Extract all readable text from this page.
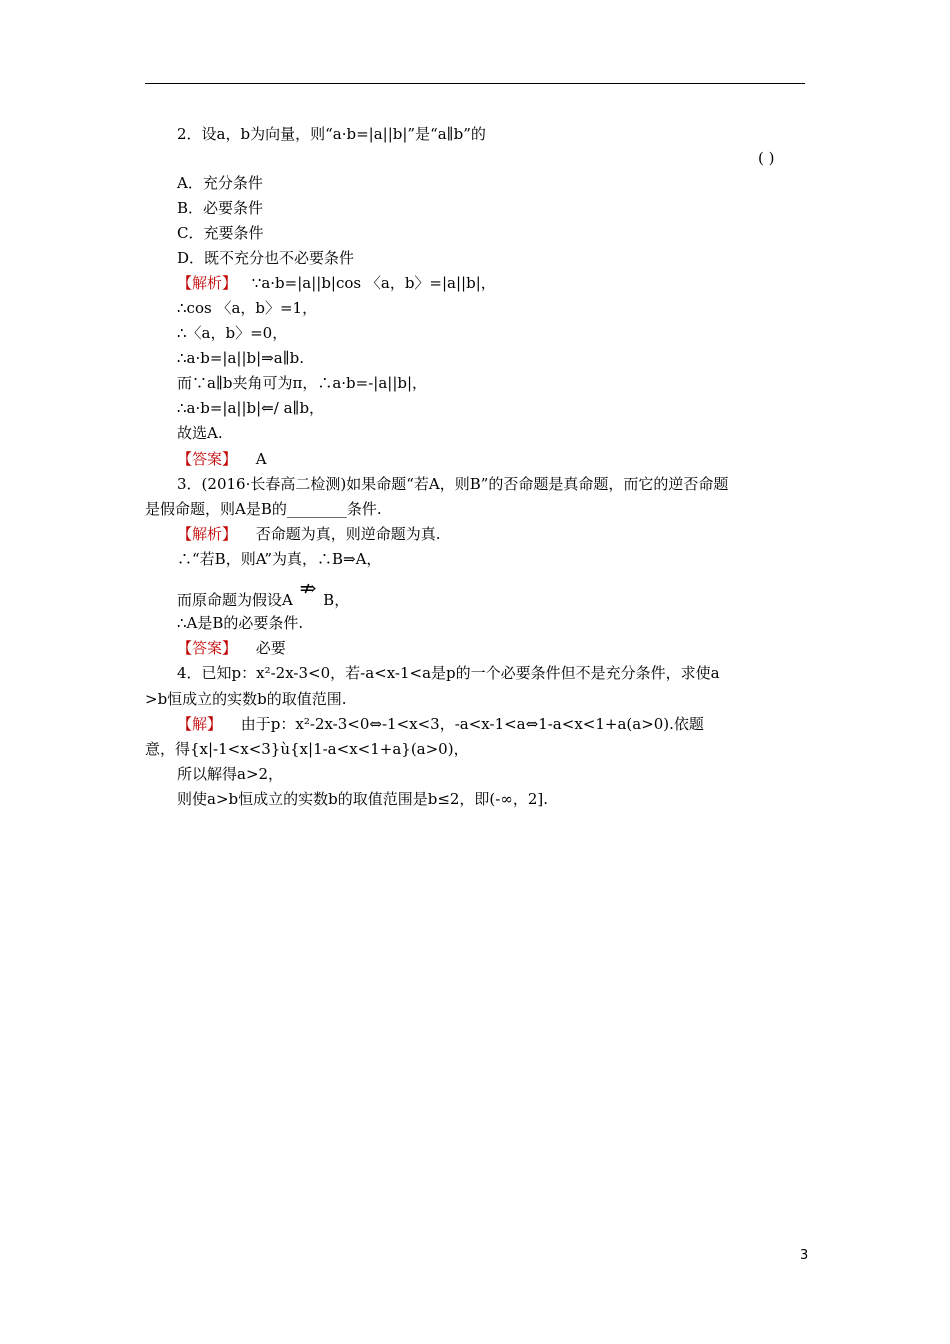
2．设a，b为向量，则“a·b=|a||b|”是“a∥b”的
( )
A．充分条件
B．必要条件
C．充要条件
D．既不充分也不必要条件
【解析】 ∵a·b=|a||b|cos 〈a，b〉=|a||b|，
∴cos 〈a，b〉=1，
∴〈a，b〉=0，
∴a·b=|a||b|⇒a∥b.
而∵a∥b夹角可为π，∴a·b=-|a||b|，
∴a·b=|a||b|⇐/ a∥b，
故选A.
【答案】 A
3．(2016·长春高二检测)如果命题“若A，则B”的否命题是真命题，而它的逆否命题
是假命题，则A是B的________条件.
【解析】 否命题为真，则逆命题为真.
∴“若B，则A”为真，∴B⇒A，
而原命题为假设A ⇏ B，
∴A是B的必要条件.
【答案】 必要
4．已知p：x²-2x-3<0，若-a<x-1<a是p的一个必要条件但不是充分条件，求使a
>b恒成立的实数b的取值范围.
【解】 由于p：x²-2x-3<0⇔-1<x<3，-a<x-1<a⇔1-a<x<1+a(a>0).依题
意，得{x|-1<x<3}ù{x|1-a<x<1+a}(a>0)，
所以解得a>2，
则使a>b恒成立的实数b的取值范围是b≤2，即(-∞，2].
3
